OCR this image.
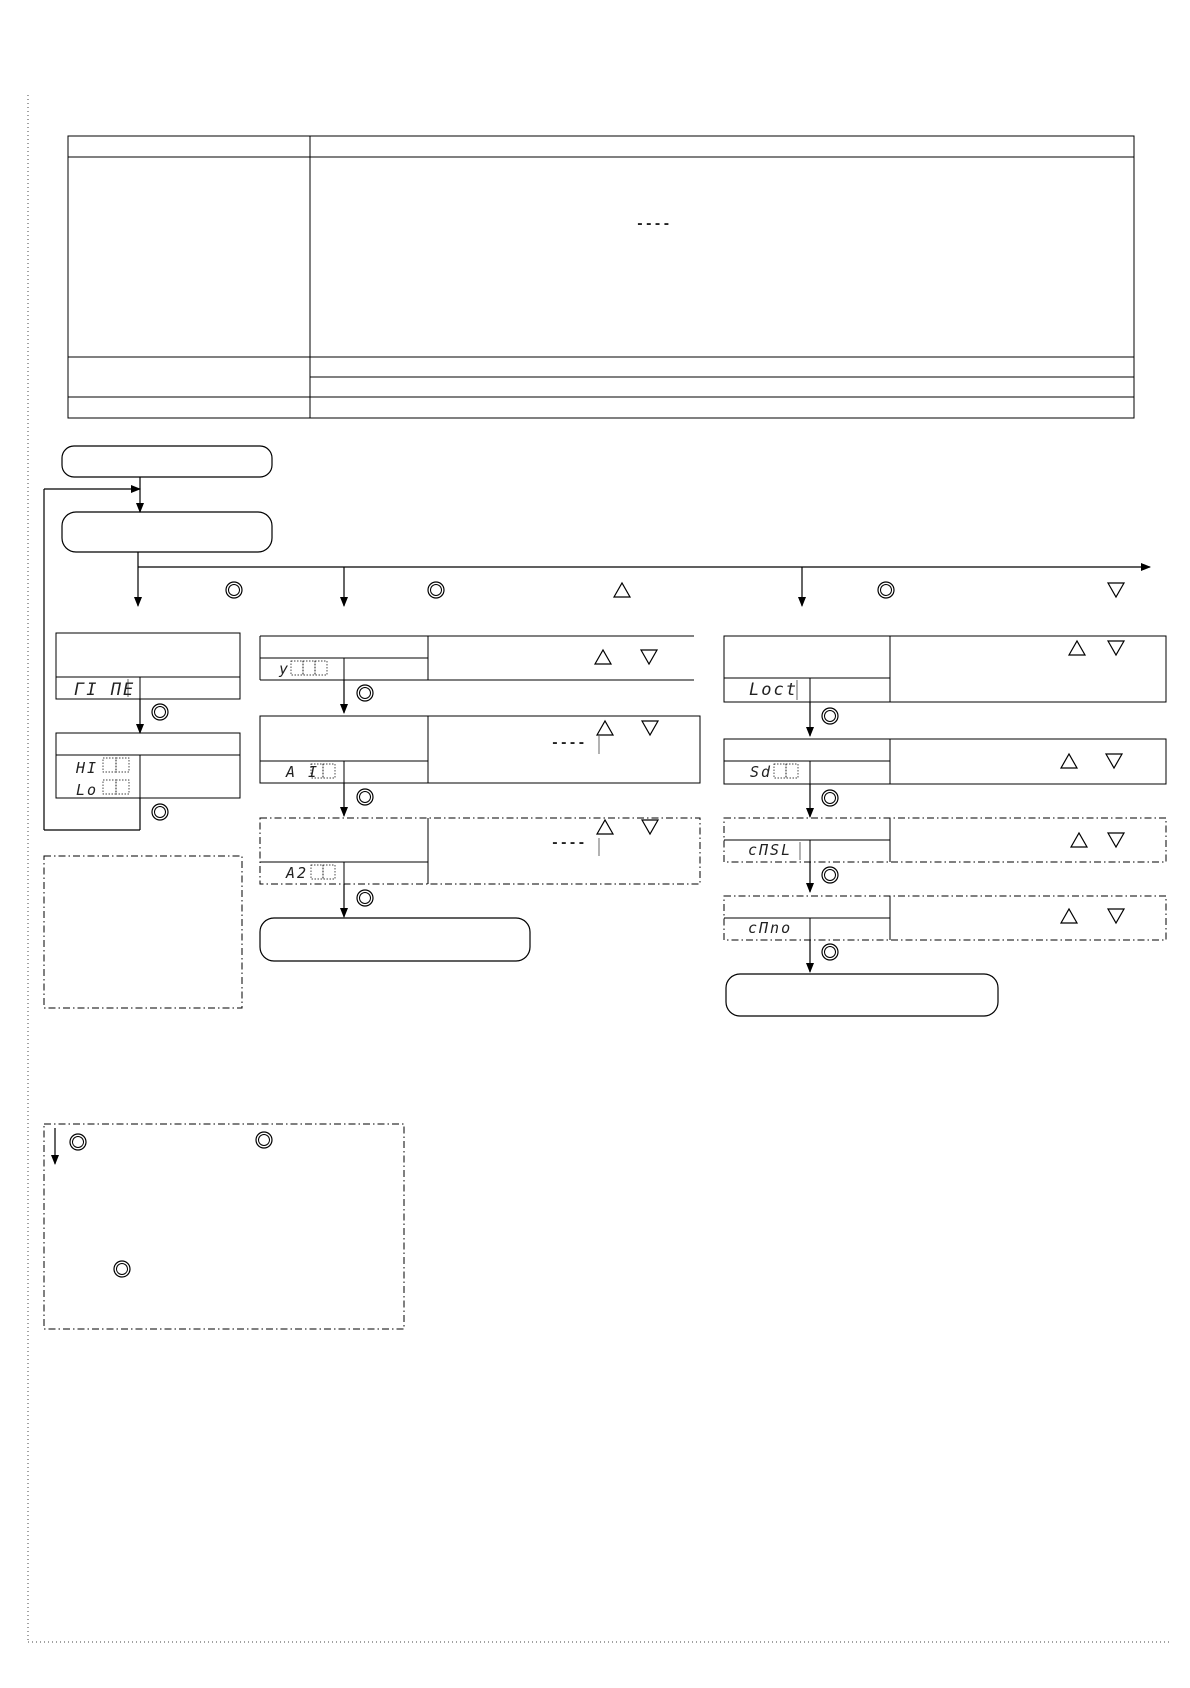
ΓI ΠE
HI
Lo
y
A I
A2
Loct
Sd
cΠSL
cΠno
----
----
----
